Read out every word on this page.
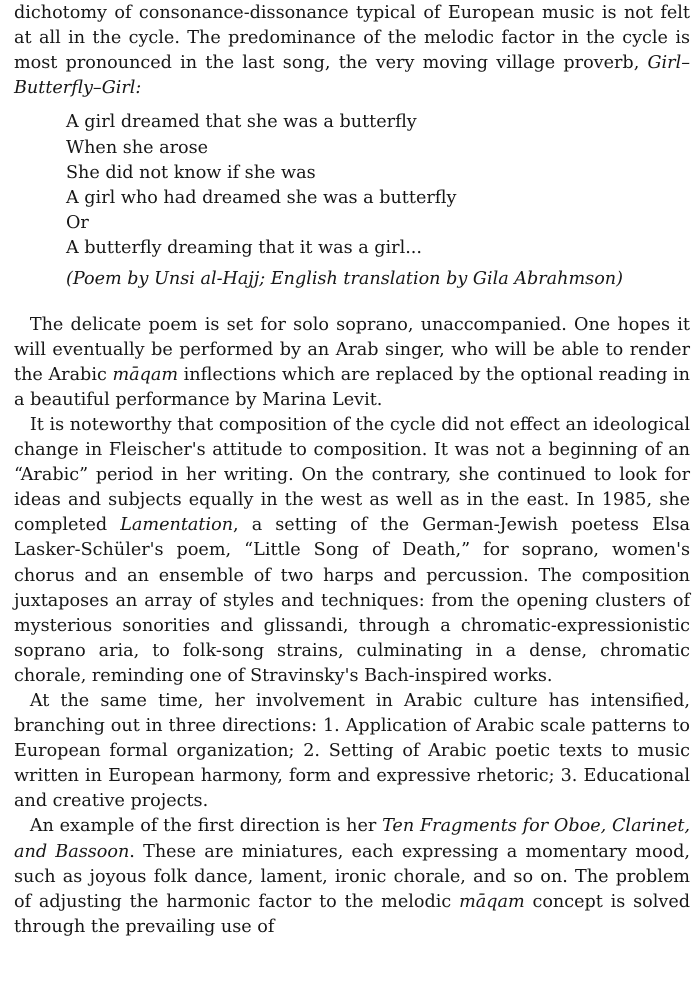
dichotomy of consonance-dissonance typical of European music is not felt at all in the cycle. The predominance of the melodic factor in the cycle is most pronounced in the last song, the very moving village proverb, Girl–Butterfly–Girl:

A girl dreamed that she was a butterfly
When she arose
She did not know if she was
A girl who had dreamed she was a butterfly
Or
A butterfly dreaming that it was a girl...
(Poem by Unsi al-Hajj; English translation by Gila Abrahmson)

The delicate poem is set for solo soprano, unaccompanied. One hopes it will eventually be performed by an Arab singer, who will be able to render the Arabic māqam inflections which are replaced by the optional reading in a beautiful performance by Marina Levit.

It is noteworthy that composition of the cycle did not effect an ideological change in Fleischer's attitude to composition. It was not a beginning of an “Arabic” period in her writing. On the contrary, she continued to look for ideas and subjects equally in the west as well as in the east. In 1985, she completed Lamentation, a setting of the German-Jewish poetess Elsa Lasker-Schüler's poem, “Little Song of Death,” for soprano, women's chorus and an ensemble of two harps and percussion. The composition juxtaposes an array of styles and techniques: from the opening clusters of mysterious sonorities and glissandi, through a chromatic-expressionistic soprano aria, to folk-song strains, culminating in a dense, chromatic chorale, reminding one of Stravinsky's Bach-inspired works.

At the same time, her involvement in Arabic culture has intensified, branching out in three directions: 1. Application of Arabic scale patterns to European formal organization; 2. Setting of Arabic poetic texts to music written in European harmony, form and expressive rhetoric; 3. Educational and creative projects.

An example of the first direction is her Ten Fragments for Oboe, Clarinet, and Bassoon. These are miniatures, each expressing a momentary mood, such as joyous folk dance, lament, ironic chorale, and so on. The problem of adjusting the harmonic factor to the melodic māqam concept is solved through the prevailing use of
